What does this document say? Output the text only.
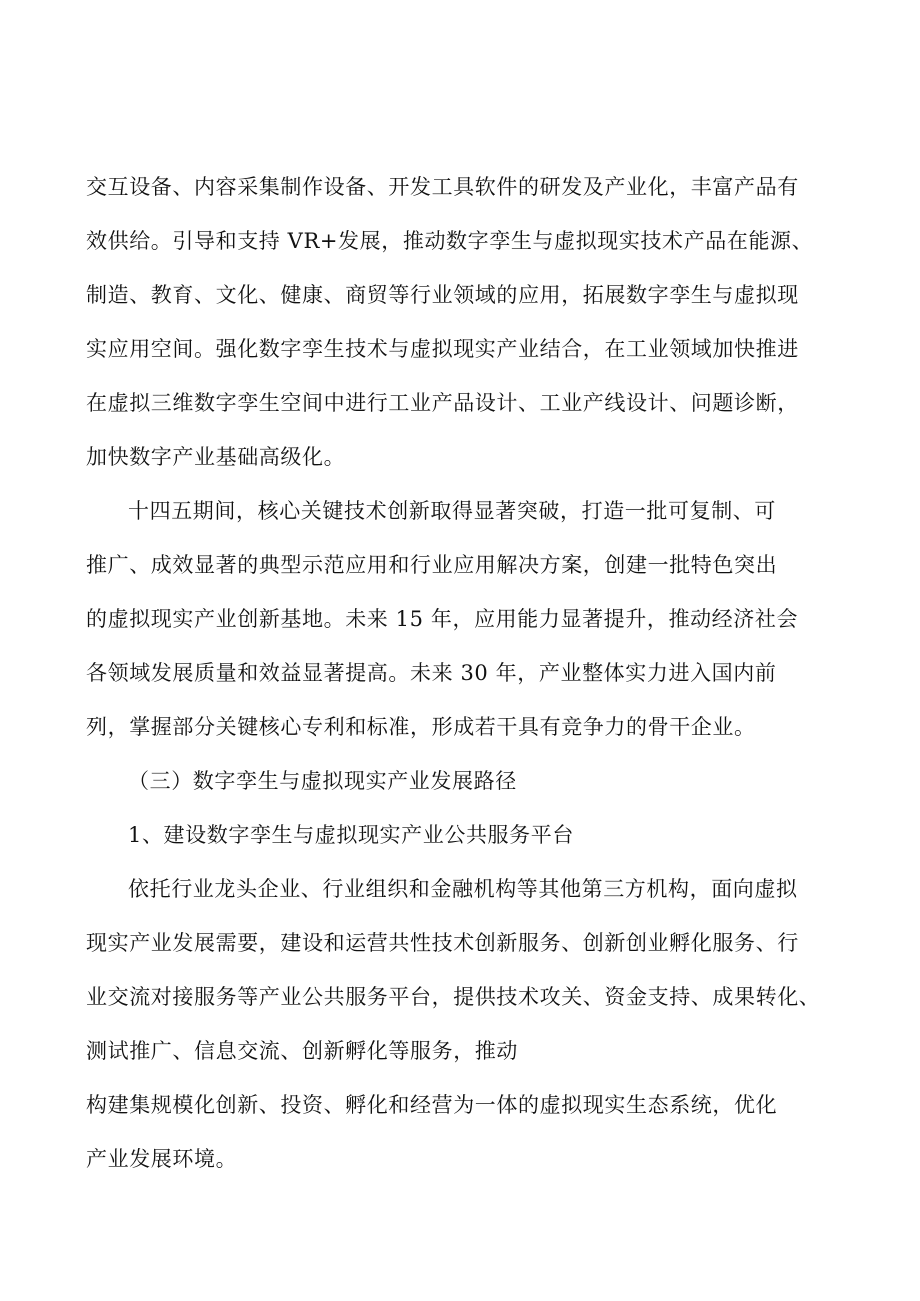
交互设备、内容采集制作设备、开发工具软件的研发及产业化，丰富产品有
效供给。引导和支持 VR+发展，推动数字孪生与虚拟现实技术产品在能源、
制造、教育、文化、健康、商贸等行业领域的应用，拓展数字孪生与虚拟现
实应用空间。强化数字孪生技术与虚拟现实产业结合，在工业领域加快推进
在虚拟三维数字孪生空间中进行工业产品设计、工业产线设计、问题诊断，
加快数字产业基础高级化。
十四五期间，核心关键技术创新取得显著突破，打造一批可复制、可
推广、成效显著的典型示范应用和行业应用解决方案，创建一批特色突出
的虚拟现实产业创新基地。未来 15 年，应用能力显著提升，推动经济社会
各领域发展质量和效益显著提高。未来 30 年，产业整体实力进入国内前
列，掌握部分关键核心专利和标准，形成若干具有竞争力的骨干企业。
（三）数字孪生与虚拟现实产业发展路径
1、建设数字孪生与虚拟现实产业公共服务平台
依托行业龙头企业、行业组织和金融机构等其他第三方机构，面向虚拟
现实产业发展需要，建设和运营共性技术创新服务、创新创业孵化服务、行
业交流对接服务等产业公共服务平台，提供技术攻关、资金支持、成果转化、
测试推广、信息交流、创新孵化等服务，推动
构建集规模化创新、投资、孵化和经营为一体的虚拟现实生态系统，优化
产业发展环境。
